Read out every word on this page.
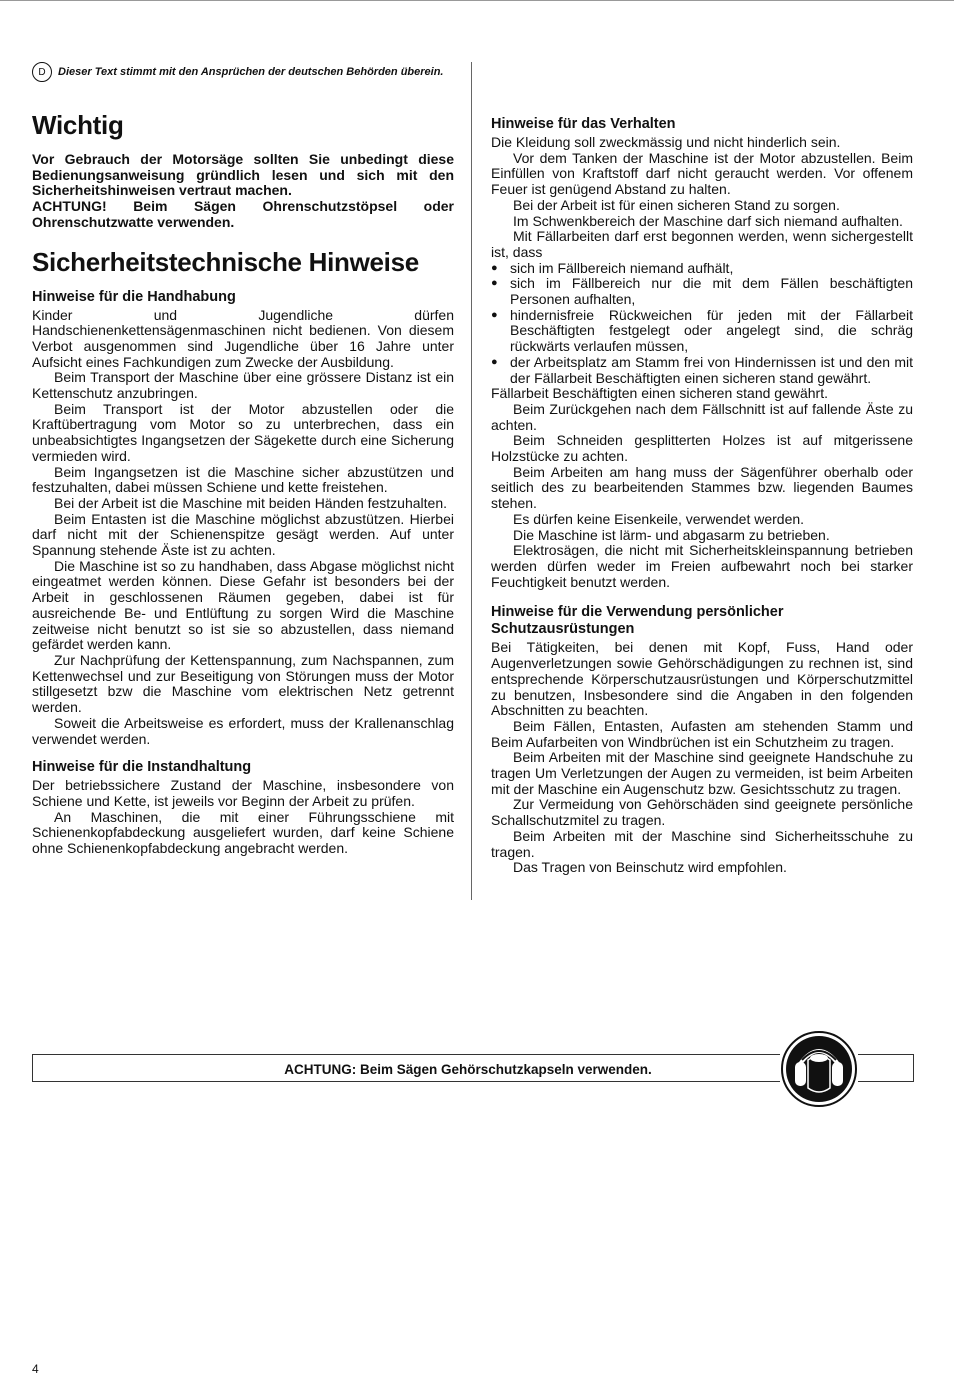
D	Dieser Text stimmt mit den Ansprüchen der deutschen Behörden überein.
Wichtig

Vor Gebrauch der Motorsäge sollten Sie unbedingt diese Bedienungsanweisung gründlich lesen und sich mit den Sicherheitshinweisen vertraut machen.

ACHTUNG! Beim Sägen Ohrenschutzstöpsel oder Ohrenschutzwatte verwenden.

Sicherheitstechnische Hinweise
Hinweise für die Handhabung

Kinder und Jugendliche dürfen Handschienenkettensägenmaschinen nicht bedienen. Von diesem Verbot ausgenommen sind Jugendliche über 16 Jahre unter Aufsicht eines Fachkundigen zum Zwecke der Ausbildung.

Beim Transport der Maschine über eine grössere Distanz ist ein Kettenschutz anzubringen.

Beim Transport ist der Motor abzustellen oder die Kraftübertragung vom Motor so zu unterbrechen, dass ein unbeabsichtigtes Ingangsetzen der Sägekette durch eine Sicherung vermieden wird.

Beim Ingangsetzen ist die Maschine sicher abzustützen und festzuhalten, dabei müssen Schiene und kette freistehen.

Bei der Arbeit ist die Maschine mit beiden Händen festzuhalten.

Beim Entasten ist die Maschine möglichst abzustützen. Hierbei darf nicht mit der Schienenspitze gesägt werden. Auf unter Spannung stehende Äste ist zu achten.

Die Maschine ist so zu handhaben, dass Abgase möglichst nicht eingeatmet werden können. Diese Gefahr ist besonders bei der Arbeit in geschlossenen Räumen gegeben, dabei ist für ausreichende Be- und Entlüftung zu sorgen Wird die Maschine zeitweise nicht benutzt so ist sie so abzustellen, dass niemand gefärdet werden kann.

Zur Nachprüfung der Kettenspannung, zum Nachspannen, zum Kettenwechsel und zur Beseitigung von Störungen muss der Motor stillgesetzt bzw die Maschine vom elektrischen Netz getrennt werden.

Soweit die Arbeitsweise es erfordert, muss der Krallenanschlag verwendet werden.

Hinweise für die Instandhaltung

Der betriebssichere Zustand der Maschine, insbesondere von Schiene und Kette, ist jeweils vor Beginn der Arbeit zu prüfen.

An Maschinen, die mit einer Führungsschiene mit Schienenkopfabdeckung ausgeliefert wurden, darf keine Schiene ohne Schienenkopfabdeckung angebracht werden.

Hinweise für das Verhalten

Die Kleidung soll zweckmässig und nicht hinderlich sein.

Vor dem Tanken der Maschine ist der Motor abzustellen. Beim Einfüllen von Kraftstoff darf nicht geraucht werden. Vor offenem Feuer ist genügend Abstand zu halten.

Bei der Arbeit ist für einen sicheren Stand zu sorgen.

Im Schwenkbereich der Maschine darf sich niemand aufhalten.

Mit Fällarbeiten darf erst begonnen werden, wenn sichergestellt ist, dass

● sich im Fällbereich niemand aufhält,
● sich im Fällbereich nur die mit dem Fällen beschäftigten Personen aufhalten,
● hindernisfreie Rückweichen für jeden mit der Fällarbeit Beschäftigten festgelegt oder angelegt sind, die schräg rückwärts verlaufen müssen,
● der Arbeitsplatz am Stamm frei von Hindernissen ist und den mit der Fällarbeit Beschäftigten einen sicheren stand gewährt.

Fällarbeit Beschäftigten einen sicheren stand gewährt.

Beim Zurückgehen nach dem Fällschnitt ist auf fallende Äste zu achten.

Beim Schneiden gesplitterten Holzes ist auf mitgerissene Holzstücke zu achten.

Beim Arbeiten am hang muss der Sägenführer oberhalb oder seitlich des zu bearbeitenden Stammes bzw. liegenden Baumes stehen.

Es dürfen keine Eisenkeile, verwendet werden.

Die Maschine ist lärm- und abgasarm zu betrieben.

Elektrosägen, die nicht mit Sicherheitskleinspannung betrieben werden dürfen weder im Freien aufbewahrt noch bei starker Feuchtigkeit benutzt werden.

Hinweise für die Verwendung persönlicher Schutzausrüstungen

Bei Tätigkeiten, bei denen mit Kopf, Fuss, Hand oder Augenverletzungen sowie Gehörschädigungen zu rechnen ist, sind entsprechende Körperschutzausrüstungen und Körperschutzmittel zu benutzen, Insbesondere sind die Angaben in den folgenden Abschnitten zu beachten.

Beim Fällen, Entasten, Aufasten am stehenden Stamm und Beim Aufarbeiten von Windbrüchen ist ein Schutzheim zu tragen.

Beim Arbeiten mit der Maschine sind geeignete Handschuhe zu tragen Um Verletzungen der Augen zu vermeiden, ist beim Arbeiten mit der Maschine ein Augenschutz bzw. Gesichtsschutz zu tragen.

Zur Vermeidung von Gehörschäden sind geeignete persönliche Schallschutzmitel zu tragen.

Beim Arbeiten mit der Maschine sind Sicherheitsschuhe zu tragen.

Das Tragen von Beinschutz wird empfohlen.

ACHTUNG: Beim Sägen Gehörschutzkapseln verwenden.
4
